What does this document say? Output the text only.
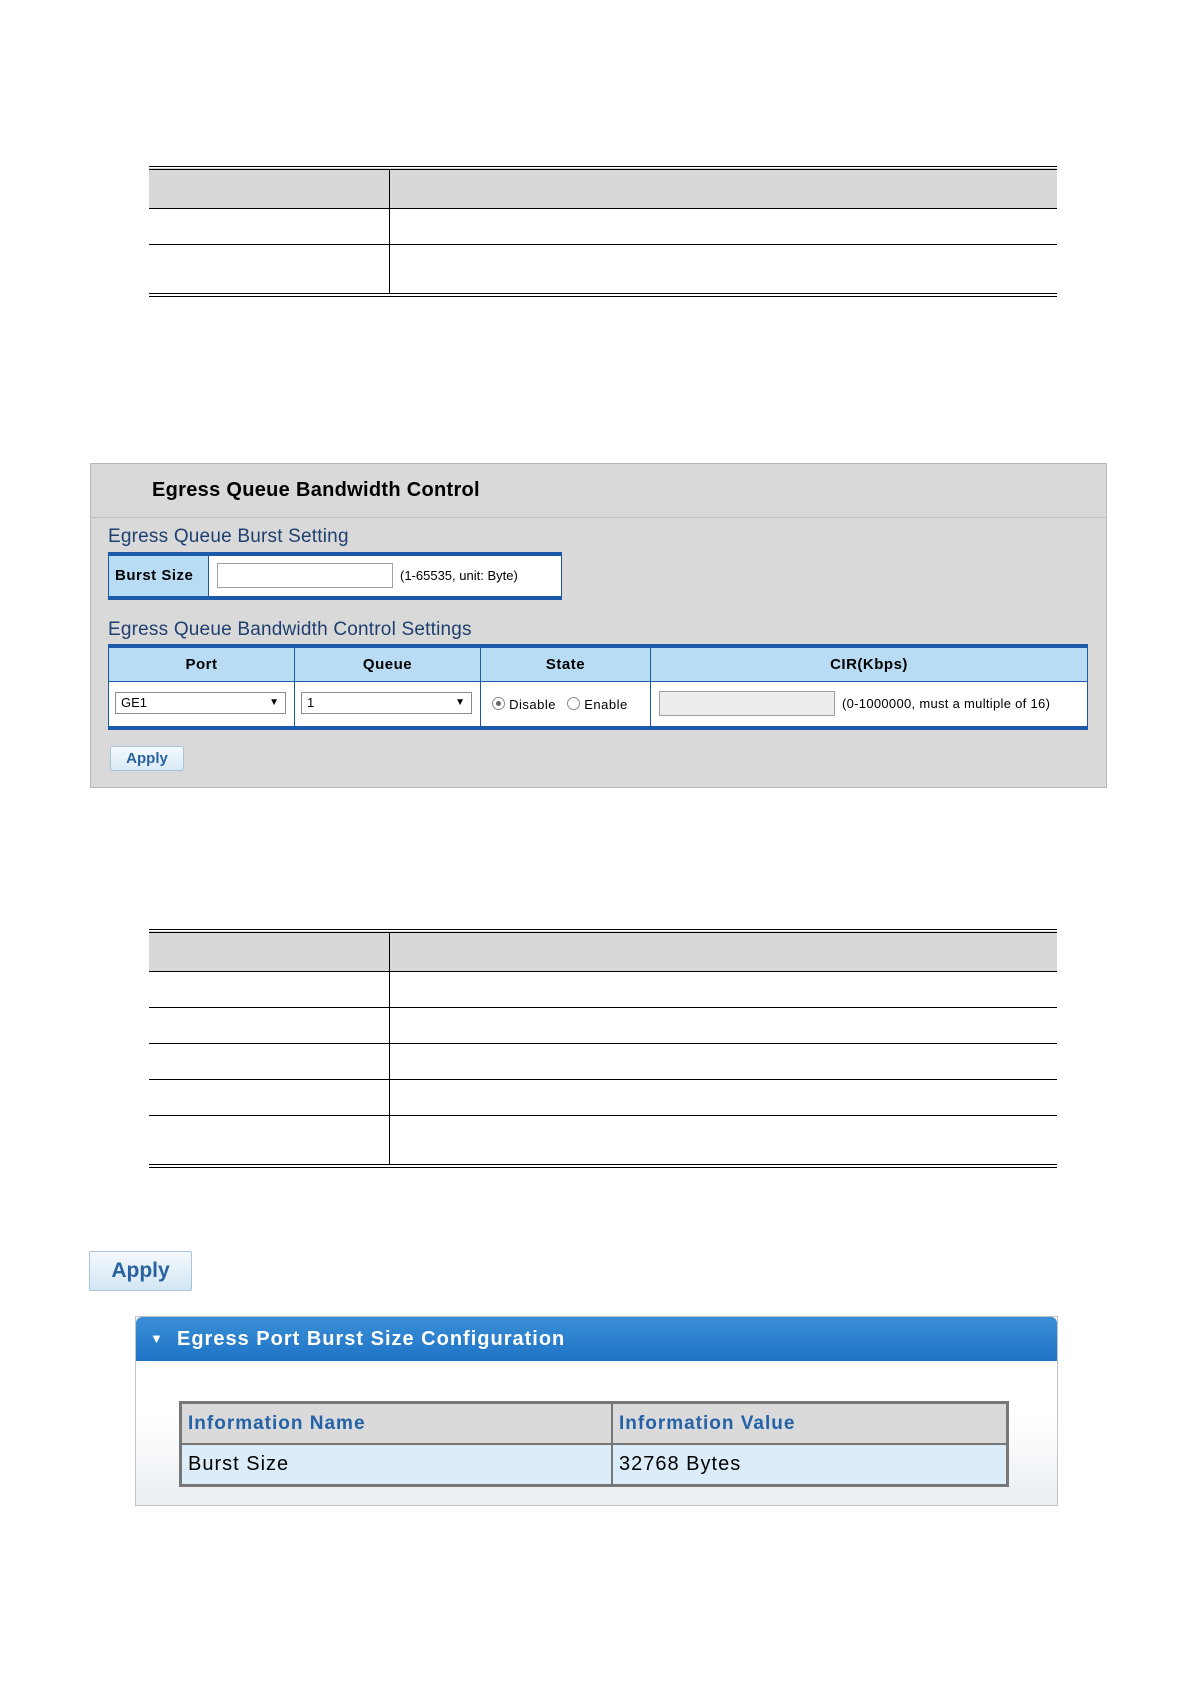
Egress Queue Bandwidth Control
Egress Queue Burst Setting
Burst Size	(1-65535, unit: Byte)
Egress Queue Bandwidth Control Settings
Port	Queue	State	CIR(Kbps)

GE1 ▼	1 ▼	Disable Enable	(0-1000000, must a multiple of 16)
Apply

Apply
▼ Egress Port Burst Size Configuration
Information Name	Information Value
Burst Size	32768 Bytes
